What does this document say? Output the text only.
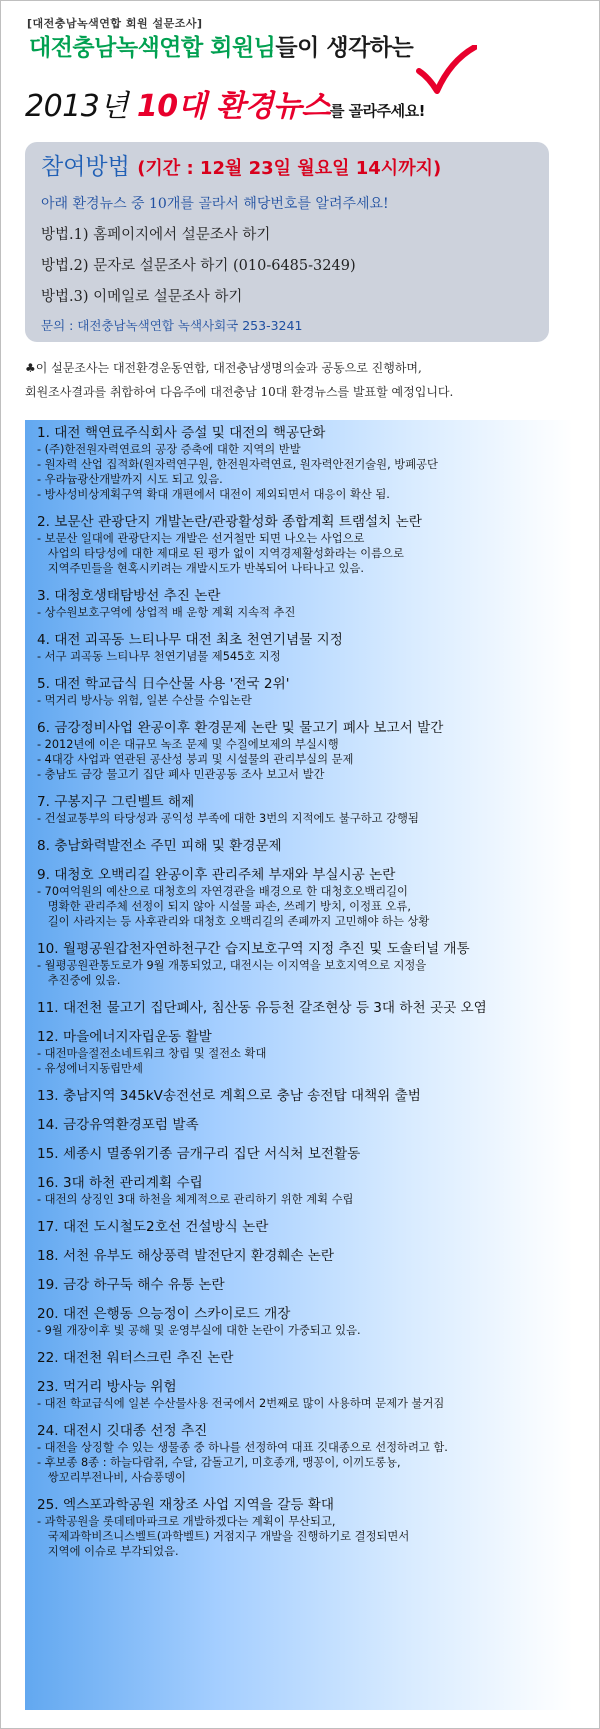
[대전충남녹색연합 회원 설문조사]
대전충남녹색연합 회원님들이 생각하는
2013년 10대 환경뉴스를 골라주세요!
참여방법 (기간 : 12월 23일 월요일 14시까지)
아래 환경뉴스 중 10개를 골라서 해당번호를 알려주세요!
방법.1) 홈페이지에서 설문조사 하기
방법.2) 문자로 설문조사 하기 (010-6485-3249)
방법.3) 이메일로 설문조사 하기
문의 : 대전충남녹색연합 녹색사회국 253-3241
♣이 설문조사는 대전환경운동연합, 대전충남생명의숲과 공동으로 진행하며,
회원조사결과를 취합하여 다음주에 대전충남 10대 환경뉴스를 발표할 예정입니다.
1. 대전 핵연료주식회사 증설 및 대전의 핵공단화
- (주)한전원자력연료의 공장 증축에 대한 지역의 반발
- 원자력 산업 집적화(원자력연구원, 한전원자력연료, 원자력안전기술원, 방폐공단
- 우라늄광산개발까지 시도 되고 있음.
- 방사성비상계획구역 확대 개편에서 대전이 제외되면서 대응이 확산 됨.
2. 보문산 관광단지 개발논란/관광활성화 종합계획 트램설치 논란
- 보문산 일대에 관광단지는 개발은 선거철만 되면 나오는 사업으로
사업의 타당성에 대한 제대로 된 평가 없이 지역경제활성화라는 이름으로
지역주민들을 현혹시키려는 개발시도가 반복되어 나타나고 있음.
3. 대청호생태탐방선 추진 논란
- 상수원보호구역에 상업적 배 운항 계획 지속적 추진
4. 대전 괴곡동 느티나무 대전 최초 천연기념물 지정
- 서구 괴곡동 느티나무 천연기념물 제545호 지정
5. 대전 학교급식 日수산물 사용 '전국 2위'
- 먹거리 방사능 위험, 일본 수산물 수입논란
6. 금강정비사업 완공이후 환경문제 논란 및 물고기 폐사 보고서 발간
- 2012년에 이은 대규모 녹조 문제 및 수질에보제의 부실시행
- 4대강 사업과 연관된 공산성 붕괴 및 시설물의 관리부실의 문제
- 충남도 금강 물고기 집단 폐사 민관공동 조사 보고서 발간
7. 구봉지구 그린벨트 해제
- 건설교통부의 타당성과 공익성 부족에 대한 3번의 지적에도 불구하고 강행됨
8. 충남화력발전소 주민 피해 및 환경문제
9. 대청호 오백리길 완공이후 관리주체 부재와 부실시공 논란
- 70여억원의 예산으로 대청호의 자연경관을 배경으로 한 대청호오백리길이
명확한 관리주체 선정이 되지 않아 시설물 파손, 쓰레기 방치, 이정표 오류,
길이 사라지는 등 사후관리와 대청호 오백리길의 존폐까지 고민해야 하는 상황
10. 월평공원갑천자연하천구간 습지보호구역 지정 추진 및 도솔터널 개통
- 월평공원관통도로가 9월 개통되었고, 대전시는 이지역을 보호지역으로 지정을
추진중에 있음.
11. 대전천 물고기 집단폐사, 침산동 유등천 갈조현상 등 3대 하천 곳곳 오염
12. 마을에너지자립운동 활발
- 대전마을절전소네트워크 창립 및 절전소 확대
- 유성에너지동립만세
13. 충남지역 345kV송전선로 계획으로 충남 송전탑 대책위 출범
14. 금강유역환경포럼 발족
15. 세종시 멸종위기종 금개구리 집단 서식처 보전활동
16. 3대 하천 관리계획 수립
- 대전의 상징인 3대 하천을 체계적으로 관리하기 위한 계획 수립
17. 대전 도시철도2호선 건설방식 논란
18. 서천 유부도 해상풍력 발전단지 환경훼손 논란
19. 금강 하구둑 해수 유통 논란
20. 대전 은행동 으능정이 스카이로드 개장
- 9월 개장이후 빛 공해 및 운영부실에 대한 논란이 가중되고 있음.
22. 대전천 워터스크린 추진 논란
23. 먹거리 방사능 위험
- 대전 학교급식에 일본 수산물사용 전국에서 2번째로 많이 사용하며 문제가 불거짐
24. 대전시 깃대종 선정 추진
- 대전을 상징할 수 있는 생물종 중 하나를 선정하여 대표 깃대종으로 선정하려고 함.
- 후보종 8종 : 하늘다람쥐, 수달, 감돌고기, 미호종개, 맹꽁이, 이끼도롱뇽,
쌍꼬리부전나비, 사슴풍뎅이
25. 엑스포과학공원 재창조 사업 지역을 갈등 확대
- 과학공원을 롯데테마파크로 개발하겠다는 계획이 무산되고,
국제과학비즈니스벨트(과학벨트) 거점지구 개발을 진행하기로 결정되면서
지역에 이슈로 부각되었음.
